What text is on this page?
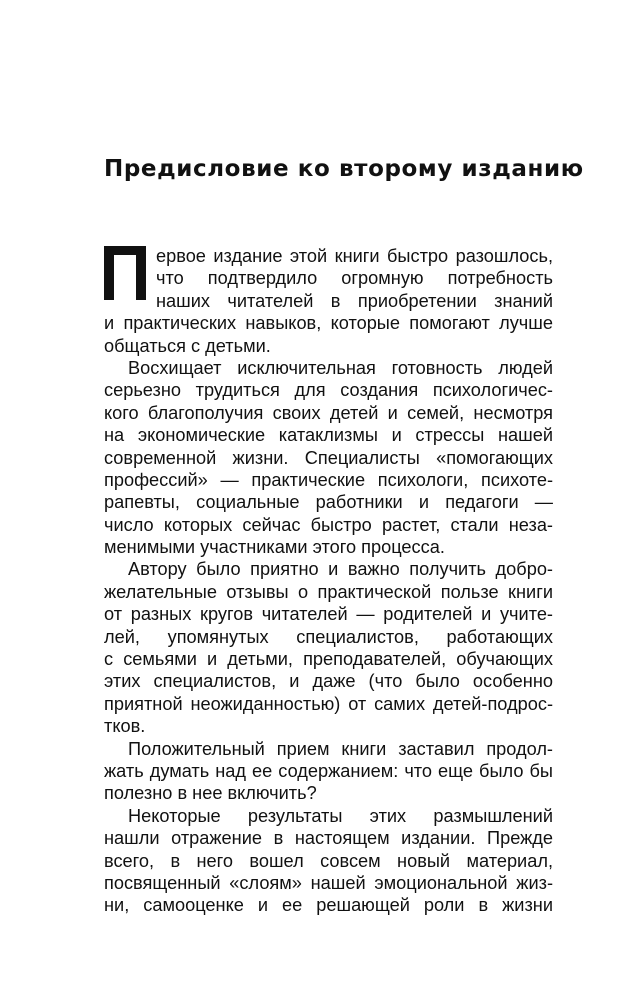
Предисловие ко второму изданию
ервое издание этой книги быстро разошлось,
что подтвердило огромную потребность
наших читателей в приобретении знаний
и практических навыков, которые помогают лучше
общаться с детьми.
Восхищает исключительная готовность людей
серьезно трудиться для создания психологичес-
кого благополучия своих детей и семей, несмотря
на экономические катаклизмы и стрессы нашей
современной жизни. Специалисты «помогающих
профессий» — практические психологи, психоте-
рапевты, социальные работники и педагоги —
число которых сейчас быстро растет, стали неза-
менимыми участниками этого процесса.
Автору было приятно и важно получить добро-
желательные отзывы о практической пользе книги
от разных кругов читателей — родителей и учите-
лей, упомянутых специалистов, работающих
с семьями и детьми, преподавателей, обучающих
этих специалистов, и даже (что было особенно
приятной неожиданностью) от самих детей-подрос-
тков.
Положительный прием книги заставил продол-
жать думать над ее содержанием: что еще было бы
полезно в нее включить?
Некоторые результаты этих размышлений
нашли отражение в настоящем издании. Прежде
всего, в него вошел совсем новый материал,
посвященный «слоям» нашей эмоциональной жиз-
ни, самооценке и ее решающей роли в жизни
